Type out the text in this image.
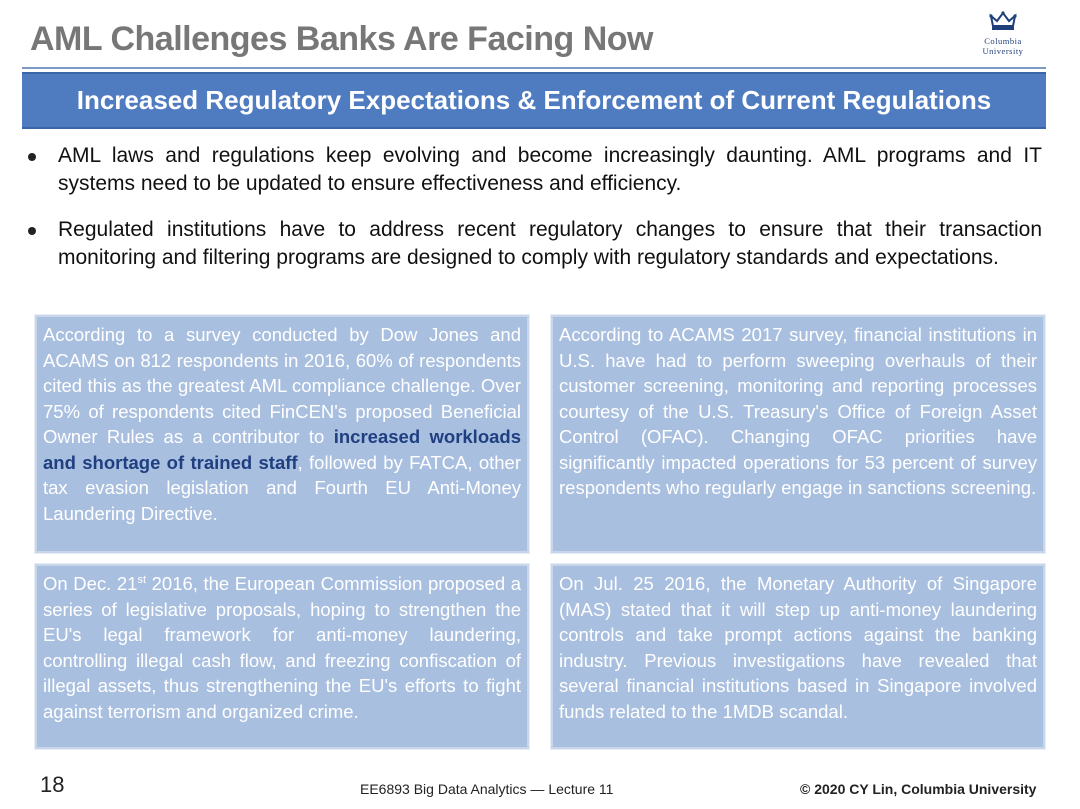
AML Challenges Banks Are Facing Now	Columbia
University
Increased Regulatory Expectations & Enforcement of Current Regulations
AML laws and regulations keep evolving and become increasingly daunting. AML programs and IT systems need to be updated to ensure effectiveness and efficiency.
Regulated institutions have to address recent regulatory changes to ensure that their transaction monitoring and filtering programs are designed to comply with regulatory standards and expectations.
According to a survey conducted by Dow Jones and ACAMS on 812 respondents in 2016, 60% of respondents cited this as the greatest AML compliance challenge. Over 75% of respondents cited FinCEN's proposed Beneficial Owner Rules as a contributor to increased workloads and shortage of trained staff, followed by FATCA, other tax evasion legislation and Fourth EU Anti-Money Laundering Directive.
According to ACAMS 2017 survey, financial institutions in U.S. have had to perform sweeping overhauls of their customer screening, monitoring and reporting processes courtesy of the U.S. Treasury's Office of Foreign Asset Control (OFAC). Changing OFAC priorities have significantly impacted operations for 53 percent of survey respondents who regularly engage in sanctions screening.
On Dec. 21st 2016, the European Commission proposed a series of legislative proposals, hoping to strengthen the EU's legal framework for anti-money laundering, controlling illegal cash flow, and freezing confiscation of illegal assets, thus strengthening the EU's efforts to fight against terrorism and organized crime.
On Jul. 25 2016, the Monetary Authority of Singapore (MAS) stated that it will step up anti-money laundering controls and take prompt actions against the banking industry. Previous investigations have revealed that several financial institutions based in Singapore involved funds related to the 1MDB scandal.
18	EE6893 Big Data Analytics — Lecture 11	© 2020 CY Lin, Columbia University
